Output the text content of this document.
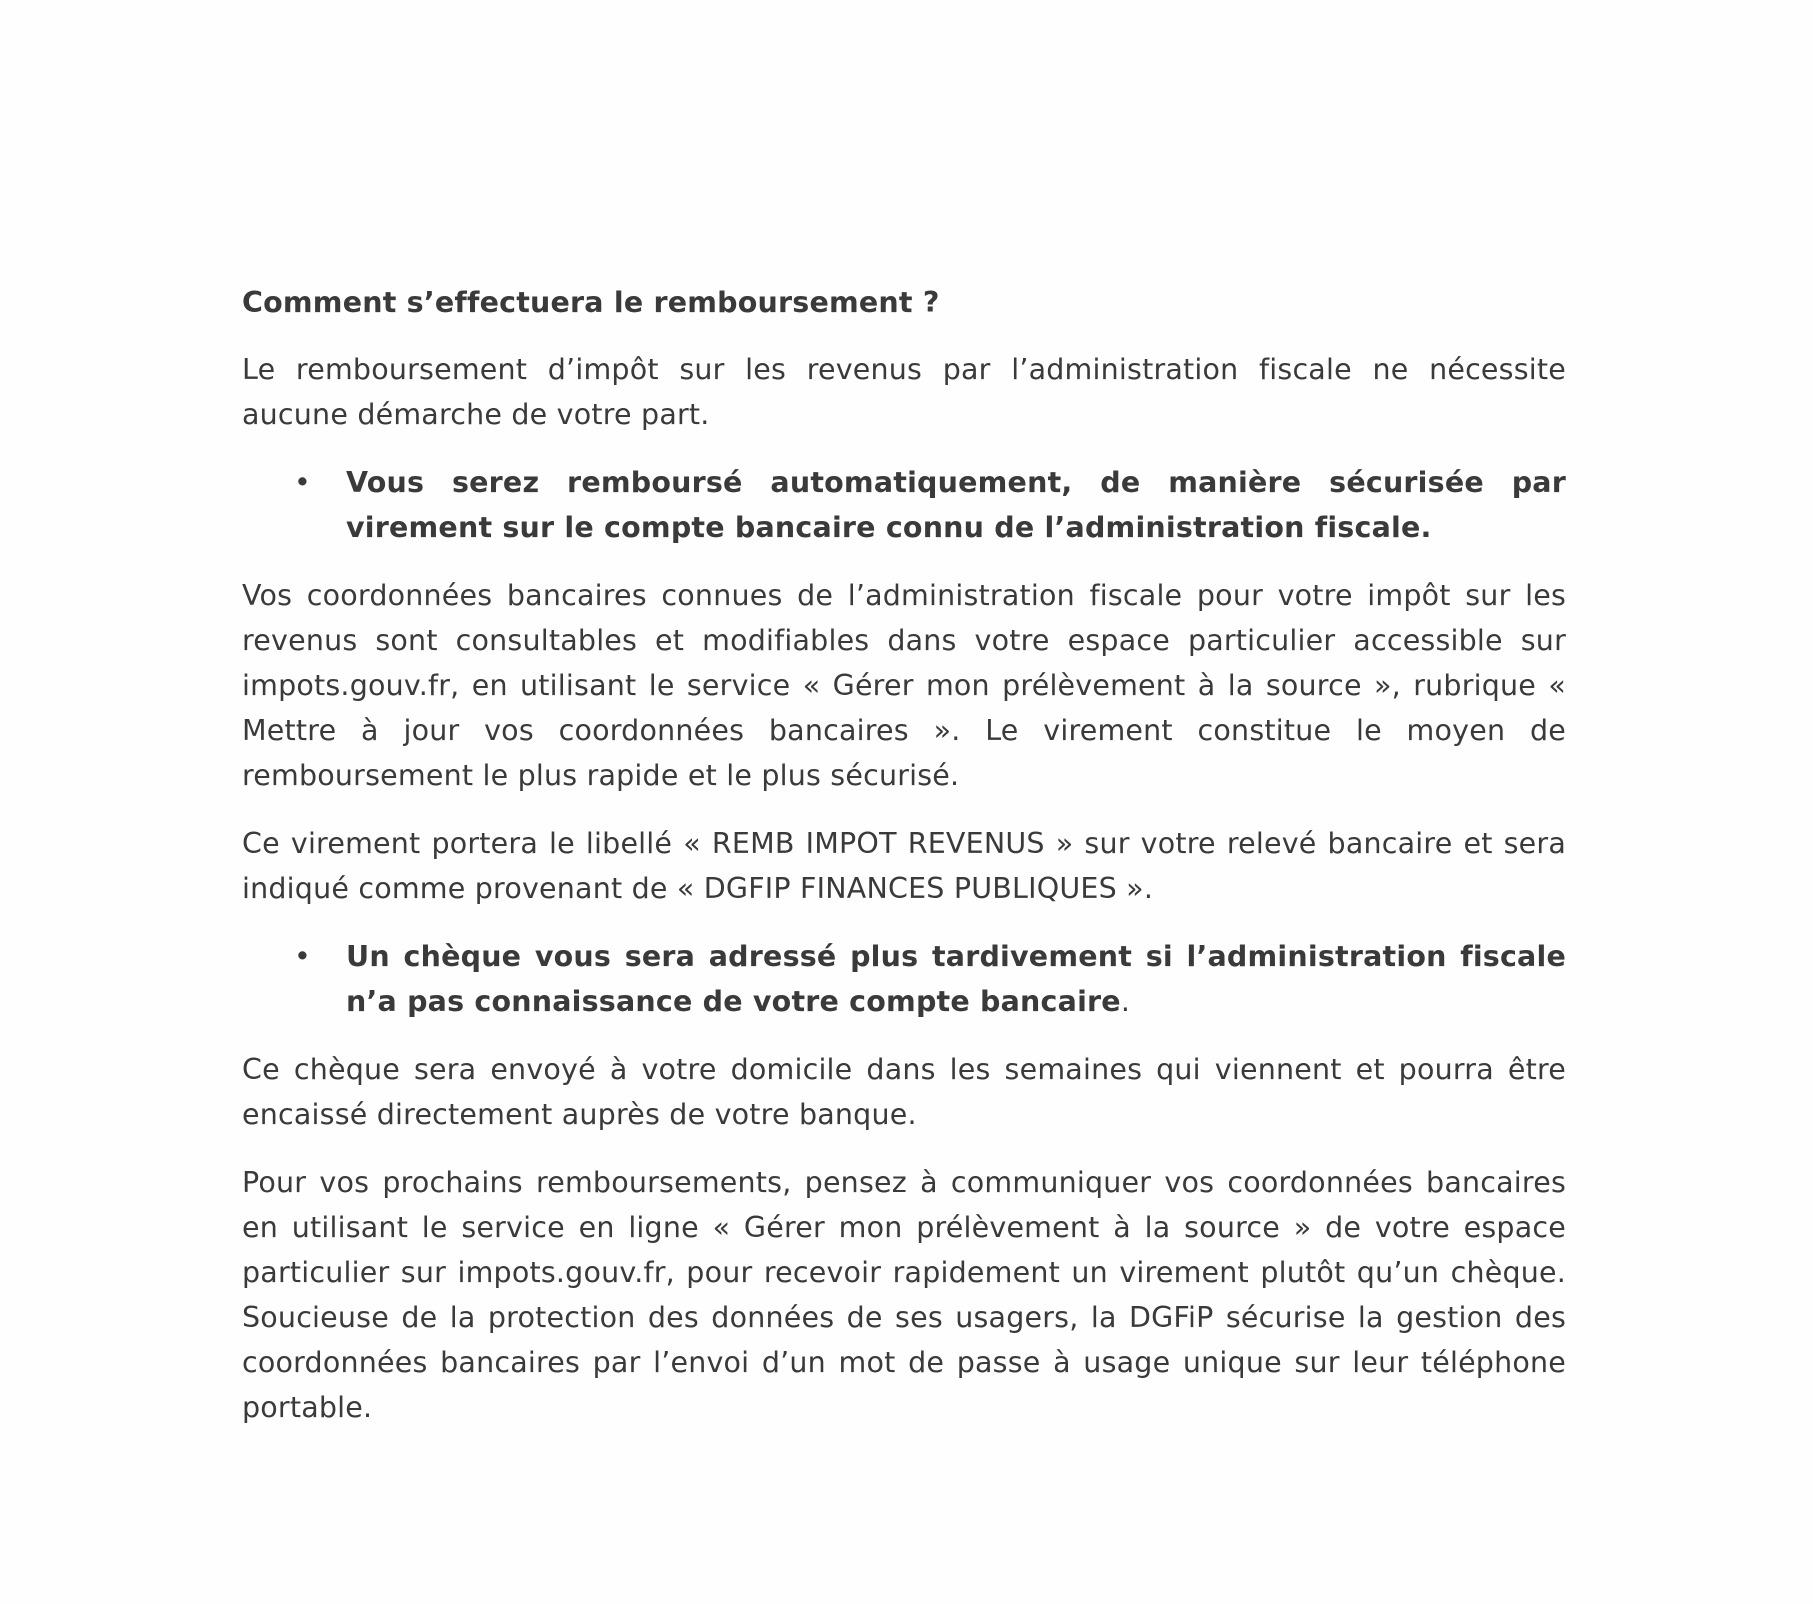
Comment s’effectuera le remboursement ?

Le remboursement d’impôt sur les revenus par l’administration fiscale ne nécessite aucune démarche de votre part.

• Vous serez remboursé automatiquement, de manière sécurisée par virement sur le compte bancaire connu de l’administration fiscale.

Vos coordonnées bancaires connues de l’administration fiscale pour votre impôt sur les revenus sont consultables et modifiables dans votre espace particulier accessible sur impots.gouv.fr, en utilisant le service « Gérer mon prélèvement à la source », rubrique « Mettre à jour vos coordonnées bancaires ». Le virement constitue le moyen de remboursement le plus rapide et le plus sécurisé.

Ce virement portera le libellé « REMB IMPOT REVENUS » sur votre relevé bancaire et sera indiqué comme provenant de « DGFIP FINANCES PUBLIQUES ».

• Un chèque vous sera adressé plus tardivement si l’administration fiscale n’a pas connaissance de votre compte bancaire.

Ce chèque sera envoyé à votre domicile dans les semaines qui viennent et pourra être encaissé directement auprès de votre banque.

Pour vos prochains remboursements, pensez à communiquer vos coordonnées bancaires en utilisant le service en ligne « Gérer mon prélèvement à la source » de votre espace particulier sur impots.gouv.fr, pour recevoir rapidement un virement plutôt qu’un chèque. Soucieuse de la protection des données de ses usagers, la DGFiP sécurise la gestion des coordonnées bancaires par l’envoi d’un mot de passe à usage unique sur leur téléphone portable.
